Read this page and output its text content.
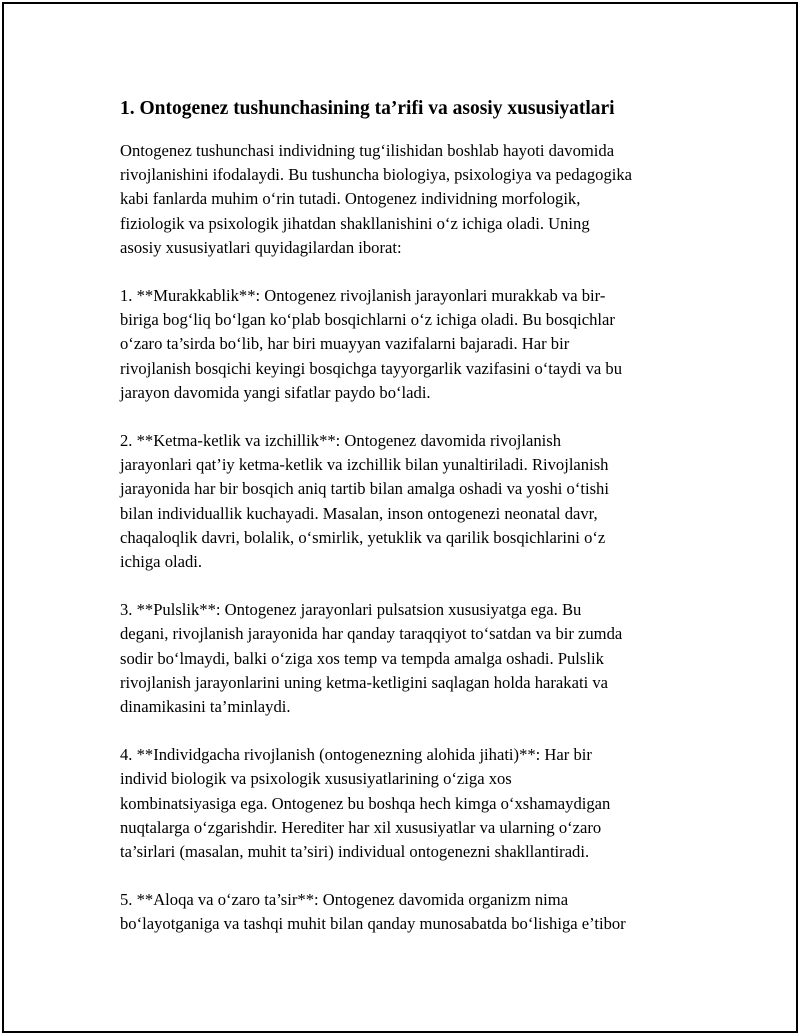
1. Ontogenez tushunchasining ta’rifi va asosiy xususiyatlari

Ontogenez tushunchasi individning tug‘ilishidan boshlab hayoti davomida
rivojlanishini ifodalaydi. Bu tushuncha biologiya, psixologiya va pedagogika
kabi fanlarda muhim o‘rin tutadi. Ontogenez individning morfologik,
fiziologik va psixologik jihatdan shakllanishini o‘z ichiga oladi. Uning
asosiy xususiyatlari quyidagilardan iborat:

1. **Murakkablik**: Ontogenez rivojlanish jarayonlari murakkab va bir-
biriga bog‘liq bo‘lgan ko‘plab bosqichlarni o‘z ichiga oladi. Bu bosqichlar
o‘zaro ta’sirda bo‘lib, har biri muayyan vazifalarni bajaradi. Har bir
rivojlanish bosqichi keyingi bosqichga tayyorgarlik vazifasini o‘taydi va bu
jarayon davomida yangi sifatlar paydo bo‘ladi.

2. **Ketma-ketlik va izchillik**: Ontogenez davomida rivojlanish
jarayonlari qat’iy ketma-ketlik va izchillik bilan yunaltiriladi. Rivojlanish
jarayonida har bir bosqich aniq tartib bilan amalga oshadi va yoshi o‘tishi
bilan individuallik kuchayadi. Masalan, inson ontogenezi neonatal davr,
chaqaloqlik davri, bolalik, o‘smirlik, yetuklik va qarilik bosqichlarini o‘z
ichiga oladi.

3. **Pulslik**: Ontogenez jarayonlari pulsatsion xususiyatga ega. Bu
degani, rivojlanish jarayonida har qanday taraqqiyot to‘satdan va bir zumda
sodir bo‘lmaydi, balki o‘ziga xos temp va tempda amalga oshadi. Pulslik
rivojlanish jarayonlarini uning ketma-ketligini saqlagan holda harakati va
dinamikasini ta’minlaydi.

4. **Individgacha rivojlanish (ontogenezning alohida jihati)**: Har bir
individ biologik va psixologik xususiyatlarining o‘ziga xos
kombinatsiyasiga ega. Ontogenez bu boshqa hech kimga o‘xshamaydigan
nuqtalarga o‘zgarishdir. Herediter har xil xususiyatlar va ularning o‘zaro
ta’sirlari (masalan, muhit ta’siri) individual ontogenezni shakllantiradi.

5. **Aloqa va o‘zaro ta’sir**: Ontogenez davomida organizm nima
bo‘layotganiga va tashqi muhit bilan qanday munosabatda bo‘lishiga e’tibor
